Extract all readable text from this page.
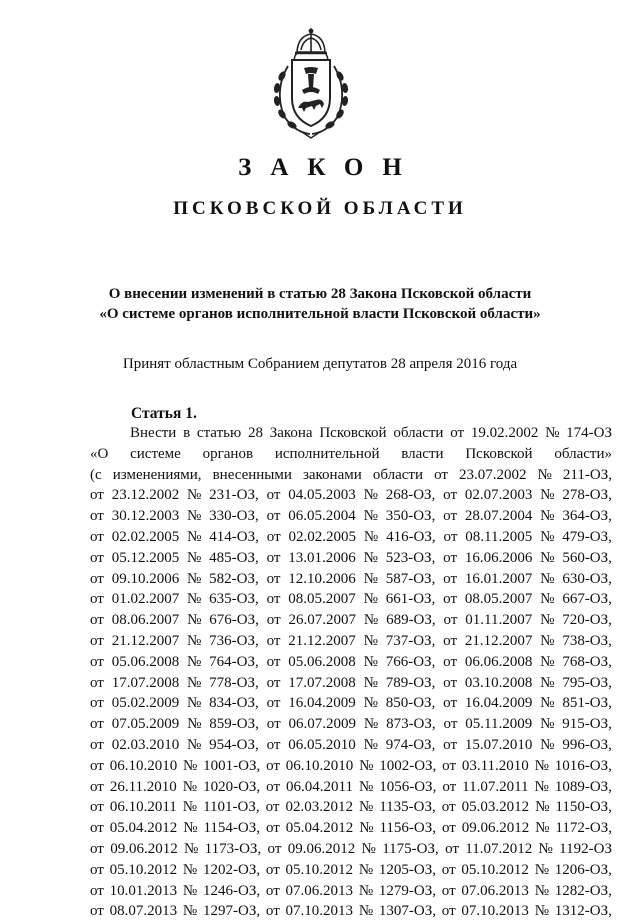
ЗАКОН
ПСКОВСКОЙ ОБЛАСТИ
О внесении изменений в статью 28 Закона Псковской области
«О системе органов исполнительной власти Псковской области»
Принят областным Собранием депутатов 28 апреля 2016 года
Статья 1.
Внести в статью 28 Закона Псковской области от 19.02.2002 № 174-ОЗ
«О системе органов исполнительной власти Псковской области»
(с изменениями, внесенными законами области от 23.07.2002 № 211-ОЗ,
от 23.12.2002 № 231-ОЗ, от 04.05.2003 № 268-ОЗ, от 02.07.2003 № 278-ОЗ,
от 30.12.2003 № 330-ОЗ, от 06.05.2004 № 350-ОЗ, от 28.07.2004 № 364-ОЗ,
от 02.02.2005 № 414-ОЗ, от 02.02.2005 № 416-ОЗ, от 08.11.2005 № 479-ОЗ,
от 05.12.2005 № 485-ОЗ, от 13.01.2006 № 523-ОЗ, от 16.06.2006 № 560-ОЗ,
от 09.10.2006 № 582-ОЗ, от 12.10.2006 № 587-ОЗ, от 16.01.2007 № 630-ОЗ,
от 01.02.2007 № 635-ОЗ, от 08.05.2007 № 661-ОЗ, от 08.05.2007 № 667-ОЗ,
от 08.06.2007 № 676-ОЗ, от 26.07.2007 № 689-ОЗ, от 01.11.2007 № 720-ОЗ,
от 21.12.2007 № 736-ОЗ, от 21.12.2007 № 737-ОЗ, от 21.12.2007 № 738-ОЗ,
от 05.06.2008 № 764-ОЗ, от 05.06.2008 № 766-ОЗ, от 06.06.2008 № 768-ОЗ,
от 17.07.2008 № 778-ОЗ, от 17.07.2008 № 789-ОЗ, от 03.10.2008 № 795-ОЗ,
от 05.02.2009 № 834-ОЗ, от 16.04.2009 № 850-ОЗ, от 16.04.2009 № 851-ОЗ,
от 07.05.2009 № 859-ОЗ, от 06.07.2009 № 873-ОЗ, от 05.11.2009 № 915-ОЗ,
от 02.03.2010 № 954-ОЗ, от 06.05.2010 № 974-ОЗ, от 15.07.2010 № 996-ОЗ,
от 06.10.2010 № 1001-ОЗ, от 06.10.2010 № 1002-ОЗ, от 03.11.2010 № 1016-ОЗ,
от 26.11.2010 № 1020-ОЗ, от 06.04.2011 № 1056-ОЗ, от 11.07.2011 № 1089-ОЗ,
от 06.10.2011 № 1101-ОЗ, от 02.03.2012 № 1135-ОЗ, от 05.03.2012 № 1150-ОЗ,
от 05.04.2012 № 1154-ОЗ, от 05.04.2012 № 1156-ОЗ, от 09.06.2012 № 1172-ОЗ,
от 09.06.2012 № 1173-ОЗ, от 09.06.2012 № 1175-ОЗ, от 11.07.2012 № 1192-ОЗ
от 05.10.2012 № 1202-ОЗ, от 05.10.2012 № 1205-ОЗ, от 05.10.2012 № 1206-ОЗ,
от 10.01.2013 № 1246-ОЗ, от 07.06.2013 № 1279-ОЗ, от 07.06.2013 № 1282-ОЗ,
от 08.07.2013 № 1297-ОЗ, от 07.10.2013 № 1307-ОЗ, от 07.10.2013 № 1312-ОЗ,
